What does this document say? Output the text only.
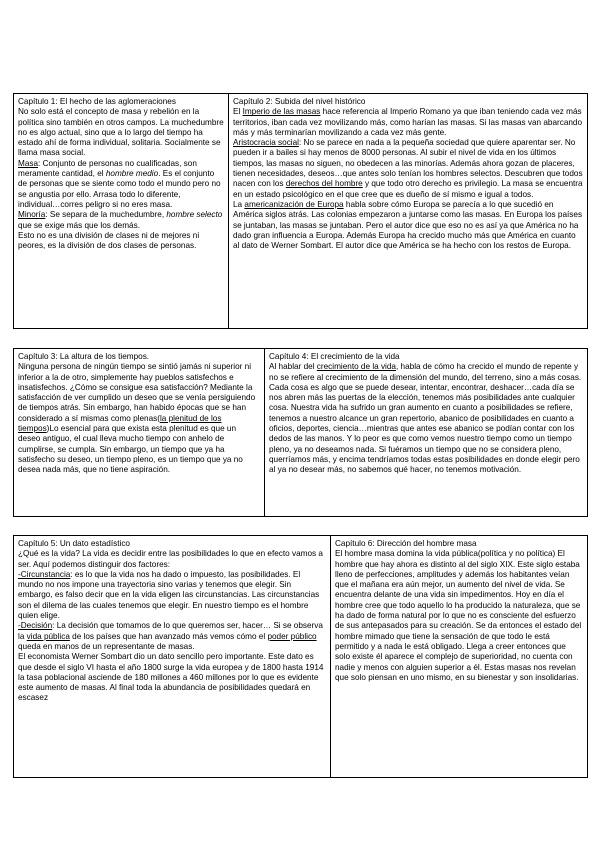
Capítulo 1: El hecho de las aglomeraciones

No solo está el concepto de masa y rebelión en la política sino también en otros campos. La muchedumbre no es algo actual, sino que a lo largo del tiempo ha estado ahí de forma individual, solitaria. Socialmente se llama masa social.

Masa: Conjunto de personas no cualificadas, son meramente cantidad, el hombre medio. Es el conjunto de personas que se siente como todo el mundo pero no se angustia por ello. Arrasa todo lo diferente, individual…corres peligro si no eres masa.

Minoría: Se separa de la muchedumbre, hombre selecto que se exige más que los demás.

Esto no es una división de clases ni de mejores ni peores, es la división de dos clases de personas.

Capítulo 2: Subida del nivel histórico

El Imperio de las masas hace referencia al Imperio Romano ya que iban teniendo cada vez más territorios, iban cada vez movilizando más, como harían las masas. Si las masas van abarcando más y más terminarían movilizando a cada vez más gente.

Aristocracia social: No se parece en nada a la pequeña sociedad que quiere aparentar ser. No pueden ir a bailes si hay menos de 8000 personas. Al subir el nivel de vida en los últimos tiempos, las masas no siguen, no obedecen a las minorías. Además ahora gozan de placeres, tienen necesidades, deseos…que antes solo tenían los hombres selectos. Descubren que todos nacen con los derechos del hombre y que todo otro derecho es privilegio. La masa se encuentra en un estado psicológico en el que cree que es dueño de sí mismo e igual a todos.

La americanización de Europa habla sobre cómo Europa se parecía a lo que sucedió en América siglos atrás. Las colonias empezaron a juntarse como las masas. En Europa los países se juntaban, las masas se juntaban. Pero el autor dice que eso no es así ya que América no ha dado gran influencia a Europa. Además Europa ha crecido mucho más que América en cuanto al dato de Werner Sombart. El autor dice que América se ha hecho con los restos de Europa.

Capítulo 3: La altura de los tiempos.

Ninguna persona de ningún tiempo se sintió jamás ni superior ni inferior a la de otro, simplemente hay pueblos satisfechos e insatisfechos. ¿Cómo se consigue esa satisfacción? Mediante la satisfacción de ver cumplido un deseo que se venía persiguiendo de tiempos atrás. Sin embargo, han habido épocas que se han considerado a sí mismas como plenas(la plenitud de los tiempos)Lo esencial para que exista esta plenitud es que un deseo antiguo, el cual lleva mucho tiempo con anhelo de cumplirse, se cumpla. Sin embargo, un tiempo que ya ha satisfecho su deseo, un tiempo pleno, es un tiempo que ya no desea nada más, que no tiene aspiración.

Capítulo 4: El crecimiento de la vida

Al hablar del crecimiento de la vida, habla de cómo ha crecido el mundo de repente y no se refiere al crecimiento de la dimensión del mundo, del terreno, sino a más cosas. Cada cosa es algo que se puede desear, intentar, encontrar, deshacer…cada día se nos abren más las puertas de la elección, tenemos más posibilidades ante cualquier cosa. Nuestra vida ha sufrido un gran aumento en cuanto a posibilidades se refiere, tenemos a nuestro alcance un gran repertorio, abanico de posibilidades en cuanto a oficios, deportes, ciencia…mientras que antes ese abanico se podían contar con los dedos de las manos. Y lo peor es que como vemos nuestro tiempo como un tiempo pleno, ya no deseamos nada. Si fuéramos un tiempo que no se considera pleno, querríamos más, y encima tendríamos todas estas posibilidades en donde elegir pero al ya no desear más, no sabemos qué hacer, no tenemos motivación.

Capítulo 5: Un dato estadístico

¿Qué es la vida? La vida es decidir entre las posibilidades lo que en efecto vamos a ser. Aquí podemos distinguir dos factores:

-Circunstancia: es lo que la vida nos ha dado o impuesto, las posibilidades. El mundo no nos impone una trayectoria sino varias y tenemos que elegir. Sin embargo, es falso decir que en la vida eligen las circunstancias. Las circunstancias son el dilema de las cuales tenemos que elegir. En nuestro tiempo es el hombre quien elige.

-Decisión: La decisión que tomamos de lo que queremos ser, hacer… Si se observa la vida pública de los países que han avanzado más vemos cómo el poder público queda en manos de un representante de masas.

El economista Werner Sombart dio un dato sencillo pero importante. Este dato es que desde el siglo VI hasta el año 1800 surge la vida europea y de 1800 hasta 1914 la tasa poblacional asciende de 180 millones a 460 millones por lo que es evidente este aumento de masas. Al final toda la abundancia de posibilidades quedará en escasez

Capítulo 6: Dirección del hombre masa

El hombre masa domina la vida pública(política y no política) El hombre que hay ahora es distinto al del siglo XIX. Este siglo estaba lleno de perfecciones, amplitudes y además los habitantes veían que el mañana era aún mejor, un aumento del nivel de vida. Se encuentra delante de una vida sin impedimentos. Hoy en día el hombre cree que todo aquello lo ha producido la naturaleza, que se ha dado de forma natural por lo que no es consciente del esfuerzo de sus antepasados para su creación. Se da entonces el estado del hombre mimado que tiene la sensación de que todo le está permitido y a nada le está obligado. Llega a creer entonces que solo existe él aparece el complejo de superioridad, no cuenta con nadie y menos con alguien superior a él. Estas masas nos revelan que solo piensan en uno mismo, en su bienestar y son insolidarias.
